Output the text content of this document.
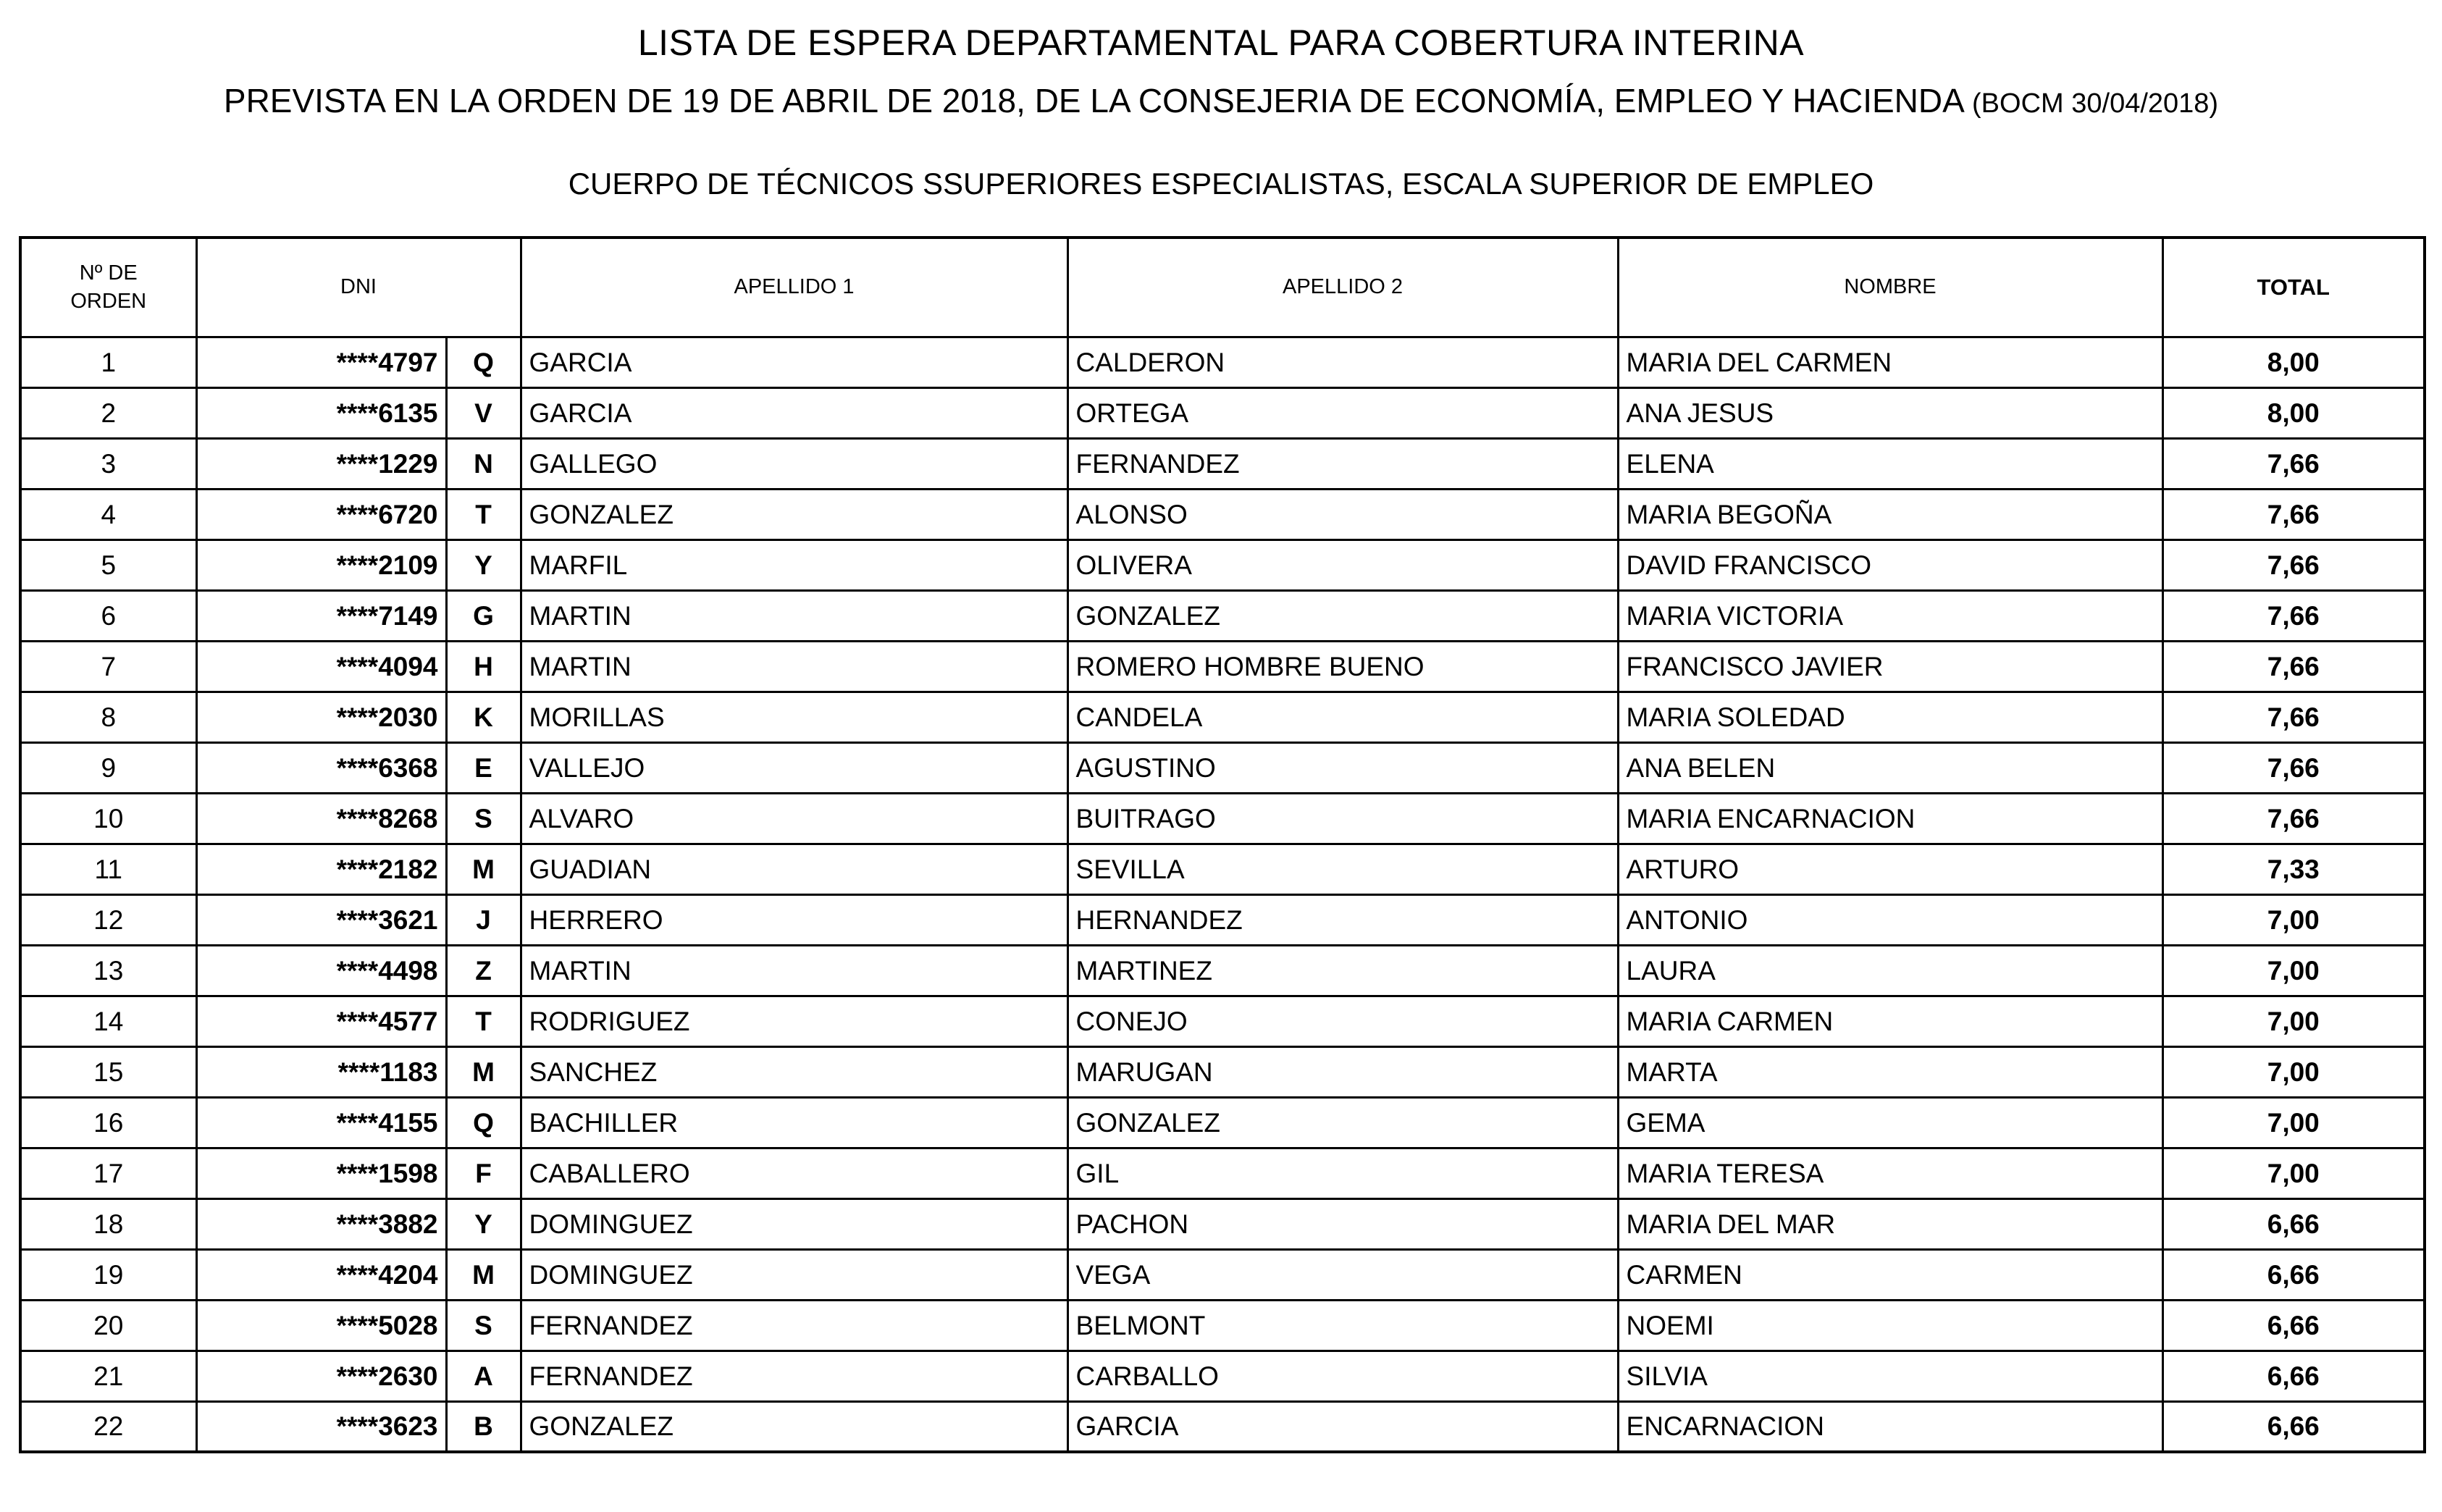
LISTA DE ESPERA DEPARTAMENTAL PARA COBERTURA INTERINA
PREVISTA EN LA ORDEN DE 19 DE ABRIL DE 2018, DE LA CONSEJERIA DE ECONOMÍA, EMPLEO Y HACIENDA (BOCM 30/04/2018)
CUERPO DE TÉCNICOS SSUPERIORES ESPECIALISTAS, ESCALA SUPERIOR DE EMPLEO
Nº DE ORDEN	DNI		APELLIDO 1	APELLIDO 2	NOMBRE	TOTAL
1	****4797	Q	GARCIA	CALDERON	MARIA DEL CARMEN	8,00
2	****6135	V	GARCIA	ORTEGA	ANA JESUS	8,00
3	****1229	N	GALLEGO	FERNANDEZ	ELENA	7,66
4	****6720	T	GONZALEZ	ALONSO	MARIA BEGOÑA	7,66
5	****2109	Y	MARFIL	OLIVERA	DAVID FRANCISCO	7,66
6	****7149	G	MARTIN	GONZALEZ	MARIA VICTORIA	7,66
7	****4094	H	MARTIN	ROMERO HOMBRE BUENO	FRANCISCO JAVIER	7,66
8	****2030	K	MORILLAS	CANDELA	MARIA SOLEDAD	7,66
9	****6368	E	VALLEJO	AGUSTINO	ANA BELEN	7,66
10	****8268	S	ALVARO	BUITRAGO	MARIA ENCARNACION	7,66
11	****2182	M	GUADIAN	SEVILLA	ARTURO	7,33
12	****3621	J	HERRERO	HERNANDEZ	ANTONIO	7,00
13	****4498	Z	MARTIN	MARTINEZ	LAURA	7,00
14	****4577	T	RODRIGUEZ	CONEJO	MARIA CARMEN	7,00
15	****1183	M	SANCHEZ	MARUGAN	MARTA	7,00
16	****4155	Q	BACHILLER	GONZALEZ	GEMA	7,00
17	****1598	F	CABALLERO	GIL	MARIA TERESA	7,00
18	****3882	Y	DOMINGUEZ	PACHON	MARIA DEL MAR	6,66
19	****4204	M	DOMINGUEZ	VEGA	CARMEN	6,66
20	****5028	S	FERNANDEZ	BELMONT	NOEMI	6,66
21	****2630	A	FERNANDEZ	CARBALLO	SILVIA	6,66
22	****3623	B	GONZALEZ	GARCIA	ENCARNACION	6,66
